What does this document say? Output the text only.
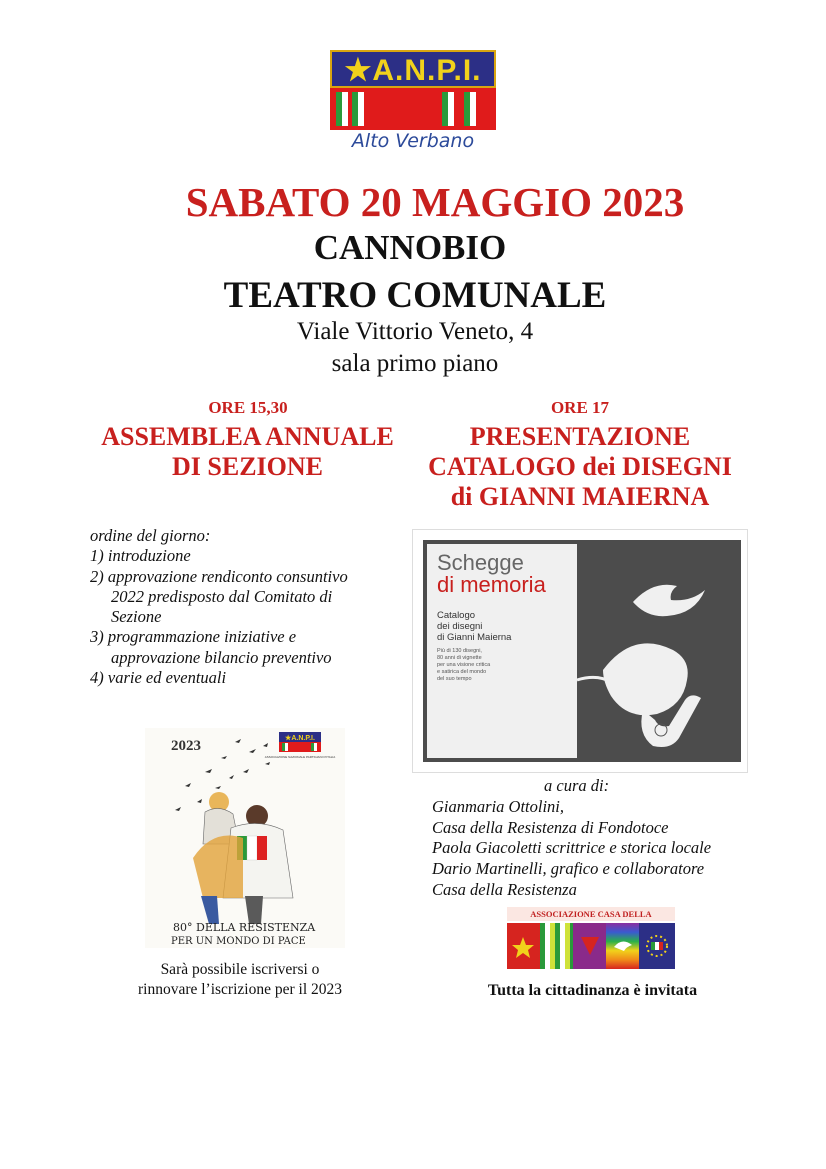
★A.N.P.I.
Alto Verbano
SABATO 20 MAGGIO 2023
CANNOBIO
TEATRO COMUNALE
Viale Vittorio Veneto, 4
sala primo piano
ORE 15,30
ASSEMBLEA ANNUALE
DI SEZIONE
ordine del giorno:
1) introduzione
2) approvazione rendiconto consuntivo
2022 predisposto dal Comitato di
Sezione
3) programmazione iniziative e
approvazione bilancio preventivo
4) varie ed eventuali
2023	★A.N.P.I.
ASSOCIAZIONE NAZIONALE PARTIGIANI D'ITALIA
80° DELLA RESISTENZA
PER UN MONDO DI PACE
Sarà possibile iscriversi o
rinnovare l’iscrizione per il 2023
ORE 17
PRESENTAZIONE
CATALOGO dei DISEGNI
di GIANNI MAIERNA
Schegge
di memoria
Catalogo
dei disegni
di Gianni Maierna
Più di 130 disegni,
80 anni di vignette
per una visione critica
e satirica del mondo
del suo tempo
a cura di:
Gianmaria Ottolini,
Casa della Resistenza di Fondotoce
Paola Giacoletti scrittrice e storica locale
Dario Martinelli, grafico e collaboratore
Casa della Resistenza
ASSOCIAZIONE CASA DELLA
Tutta la cittadinanza è invitata
